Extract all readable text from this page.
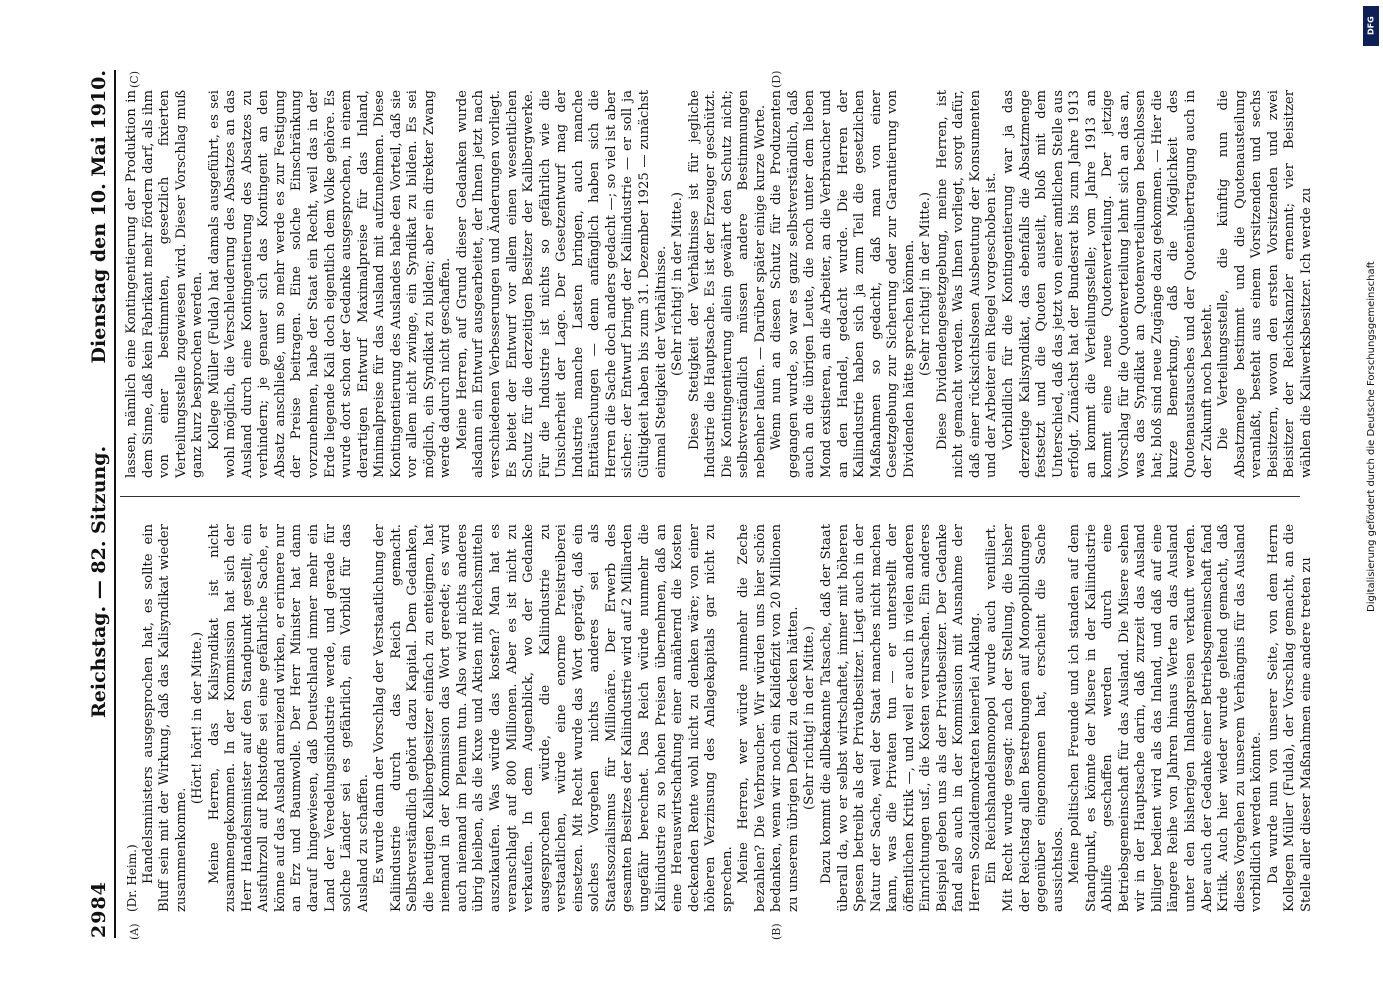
2984
Reichstag. — 82. Sitzung.
Dienstag den 10. Mai 1910.
(A)	(B)
(C)	(D)

(Dr. Heim.) Handelsministers ausgesprochen hat, es sollte ein Bluff sein mit der Wirkung, daß das Kalisyndikat wieder zusammenkomme.

(Hört! hört! in der Mitte.) Meine Herren, das Kalisyndikat ist nicht zusammengekommen. In der Kommission hat sich der Herr Handelsminister auf den Standpunkt gestellt, ein Ausfuhrzoll auf Rohstoffe sei eine gefährliche Sache, er könne auf das Ausland anreizend wirken, er erinnere nur an Erz und Baumwolle. Der Herr Minister hat dann darauf hingewiesen, daß Deutschland immer mehr ein Land der Veredelungsindustrie werde, und gerade für solche Länder sei es gefährlich, ein Vorbild für das Ausland zu schaffen. Es wurde dann der Vorschlag der Verstaatlichung der Kaliindustrie durch das Reich gemacht. Selbstverständlich gehört dazu Kapital. Dem Gedanken, die heutigen Kalibergbesitzer einfach zu enteignen, hat niemand in der Kommission das Wort geredet; es wird auch niemand im Plenum tun. Also wird nichts anderes übrig bleiben, als die Kuxe und Aktien mit Reichsmitteln auszukaufen. Was würde das kosten? Man hat es veranschlagt auf 800 Millionen. Aber es ist nicht zu verkaufen. In dem Augenblick, wo der Gedanke ausgesprochen würde, die Kaliindustrie zu verstaatlichen, würde eine enorme Preistreiberei einsetzen. Mit Recht wurde das Wort geprägt, daß ein solches Vorgehen nichts anderes sei als Staatssozialismus für Millionäre. Der Erwerb des gesamten Besitzes der Kaliindustrie wird auf 2 Milliarden ungefähr berechnet. Das Reich würde nunmehr die Kaliindustrie zu so hohen Preisen übernehmen, daß an eine Herauswirtschaftung einer annähernd die Kosten deckenden Rente wohl nicht zu denken wäre; von einer höheren Verzinsung des Anlagekapitals gar nicht zu sprechen. Meine Herren, wer würde nunmehr die Zeche bezahlen? Die Verbraucher. Wir würden uns hier schön bedanken, wenn wir noch ein Kalidefizit von 20 Millionen zu unserem übrigen Defizit zu decken hätten. (Sehr richtig! in der Mitte.) Dazu kommt die allbekannte Tatsache, daß der Staat überall da, wo er selbst wirtschaftet, immer mit höheren Spesen betreibt als der Privatbesitzer. Liegt auch in der Natur der Sache, weil der Staat manches nicht machen kann, was die Privaten tun — er unterstellt der öffentlichen Kritik —, und weil er auch in vielen anderen Einrichtungen usf., die Kosten verursachen. Ein anderes Beispiel geben uns als der Privatbesitzer. Der Gedanke fand also auch in der Kommission mit Ausnahme der Herren Sozialdemokraten keinerlei Anklang. Ein Reichshandelsmonopol wurde auch ventiliert. Mit Recht wurde gesagt: nach der Stellung, die bisher der Reichstag allen Bestrebungen auf Monopolbildungen gegenüber eingenommen hat, erscheint die Sache aussichtslos. Meine politischen Freunde und ich standen auf dem Standpunkt, es könnte der Misere in der Kaliindustrie Abhilfe geschaffen werden durch eine Betriebsgemeinschaft für das Ausland. Die Misere sehen wir in der Hauptsache darin, daß zurzeit das Ausland billiger bedient wird als das Inland, und daß auf eine längere Reihe von Jahren hinaus Werte an das Ausland unter den bisherigen Inlandspreisen verkauft werden. Aber auch der Gedanke einer Betriebsgemeinschaft fand Kritik. Auch hier wieder wurde geltend gemacht, daß dieses Vorgehen zu unserem Verhängnis für das Ausland vorbildlich werden könnte. Da wurde nun von unserer Seite, von dem Herrn Kollegen Müller (Fulda), der Vorschlag gemacht, an die Stelle aller dieser Maßnahmen eine andere treten zu

lassen, nämlich eine Kontingentierung der Produktion in dem Sinne, daß kein Fabrikant mehr fördern darf, als ihm von einer bestimmten, gesetzlich fixierten Verteilungsstelle zugewiesen wird. Dieser Vorschlag muß ganz kurz besprochen werden. Kollege Müller (Fulda) hat damals ausgeführt, es sei wohl möglich, die Verschleuderung des Absatzes an das Ausland durch eine Kontingentierung des Absatzes zu verhindern; je genauer sich das Kontingent an den Absatz anschließe, um so mehr werde es zur Festigung der Preise beitragen. Eine solche Einschränkung vorzunehmen, habe der Staat ein Recht, weil das in der Erde liegende Kali doch eigentlich dem Volke gehöre. Es wurde dort schon der Gedanke ausgesprochen, in einem derartigen Entwurf Maximalpreise für das Inland, Minimalpreise für das Ausland mit aufzunehmen. Diese Kontingentierung des Auslandes habe den Vorteil, daß sie vor allem nicht zwinge, ein Syndikat zu bilden. Es sei möglich, ein Syndikat zu bilden; aber ein direkter Zwang werde dadurch nicht geschaffen. Meine Herren, auf Grund dieser Gedanken wurde alsdann ein Entwurf ausgearbeitet, der Ihnen jetzt nach verschiedenen Verbesserungen und Änderungen vorliegt. Es bietet der Entwurf vor allem einen wesentlichen Schutz für die derzeitigen Besitzer der Kalibergwerke. Für die Industrie ist nichts so gefährlich wie die Unsicherheit der Lage. Der Gesetzentwurf mag der Industrie manche Lasten bringen, auch manche Enttäuschungen — denn anfänglich haben sich die Herren die Sache doch anders gedacht —; so viel ist aber sicher: der Entwurf bringt der Kaliindustrie — er soll ja Gültigkeit haben bis zum 31. Dezember 1925 — zunächst einmal Stetigkeit der Verhältnisse. (Sehr richtig! in der Mitte.) Diese Stetigkeit der Verhältnisse ist für jegliche Industrie die Hauptsache. Es ist der Erzeuger geschützt. Die Kontingentierung allein gewährt den Schutz nicht; selbstverständlich müssen andere Bestimmungen nebenher laufen. — Darüber später einige kurze Worte. Wenn nun an diesen Schutz für die Produzenten gegangen wurde, so war es ganz selbstverständlich, daß auch an die übrigen Leute, die noch unter dem lieben Mond existieren, an die Arbeiter, an die Verbraucher und an den Handel, gedacht wurde. Die Herren der Kaliindustrie haben sich ja zum Teil die gesetzlichen Maßnahmen so gedacht, daß man von einer Gesetzgebung zur Sicherung oder zur Garantierung von Dividenden hätte sprechen können. (Sehr richtig! in der Mitte.) Diese Dividendengesetzgebung, meine Herren, ist nicht gemacht worden. Was Ihnen vorliegt, sorgt dafür, daß einer rücksichtslosen Ausbeutung der Konsumenten und der Arbeiter ein Riegel vorgeschoben ist. Vorbildlich für die Kontingentierung war ja das derzeitige Kalisyndikat, das ebenfalls die Absatzmenge festsetzt und die Quoten austeilt, bloß mit dem Unterschied, daß das jetzt von einer amtlichen Stelle aus erfolgt. Zunächst hat der Bundesrat bis zum Jahre 1913 an kommt die Verteilungsstelle; vom Jahre 1913 an kommt eine neue Quotenverteilung. Der jetzige Vorschlag für die Quotenverteilung lehnt sich an das an, was das Syndikat an Quotenverteilungen beschlossen hat; bloß sind neue Zugänge dazu gekommen. — Hier die kurze Bemerkung, daß die Möglichkeit des Quotenaustausches und der Quotenübertragung auch in der Zukunft noch besteht. Die Verteilungsstelle, die künftig nun die Absatzmenge bestimmt und die Quotenausteilung veranlaßt, besteht aus einem Vorsitzenden und sechs Beisitzern, wovon den ersten Vorsitzenden und zwei Beisitzer der Reichskanzler ernennt; vier Beisitzer wählen die Kaliwerksbesitzer. Ich werde zu

DFG
Digitalisierung gefördert durch die Deutsche Forschungsgemeinschaft
